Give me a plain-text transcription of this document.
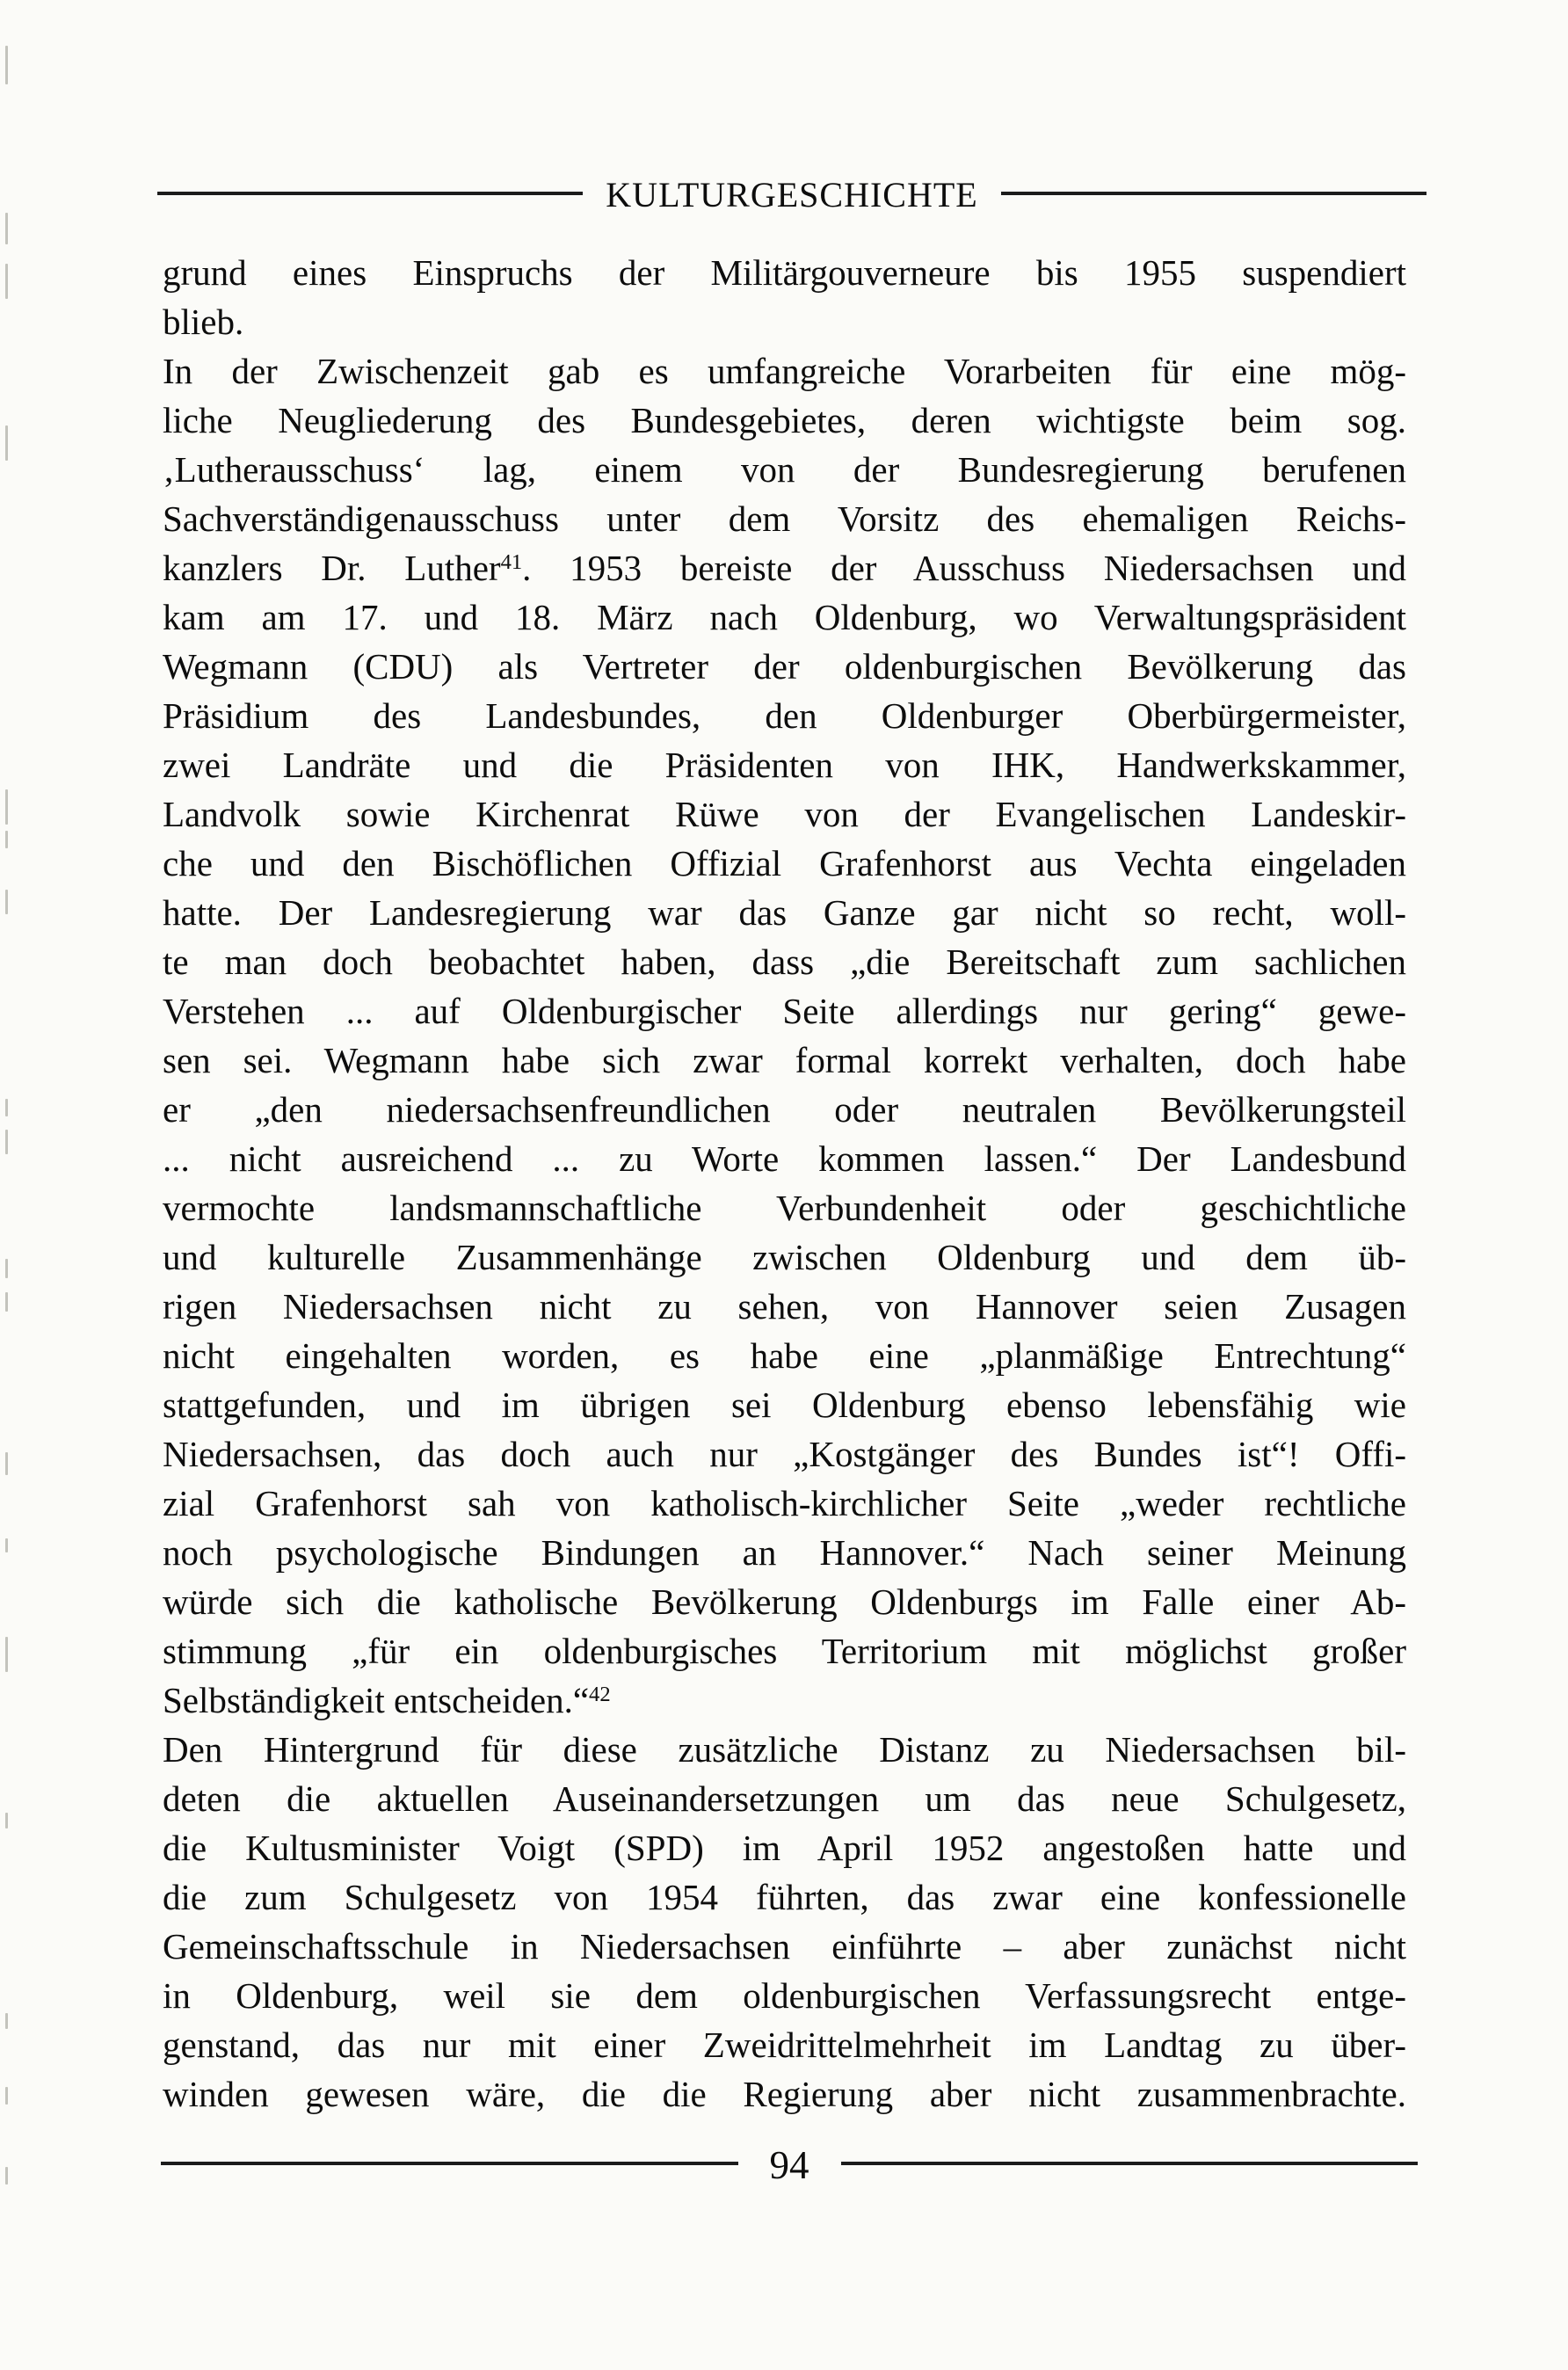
KULTURGESCHICHTE
grund eines Einspruchs der Militärgouverneure bis 1955 suspendiert
blieb.
In der Zwischenzeit gab es umfangreiche Vorarbeiten für eine mög-
liche Neugliederung des Bundesgebietes, deren wichtigste beim sog.
‚Lutherausschuss‘ lag, einem von der Bundesregierung berufenen
Sachverständigenausschuss unter dem Vorsitz des ehemaligen Reichs-
kanzlers Dr. Luther$^{41}$. 1953 bereiste der Ausschuss Niedersachsen und
kam am 17. und 18. März nach Oldenburg, wo Verwaltungspräsident
Wegmann (CDU) als Vertreter der oldenburgischen Bevölkerung das
Präsidium des Landesbundes, den Oldenburger Oberbürgermeister,
zwei Landräte und die Präsidenten von IHK, Handwerkskammer,
Landvolk sowie Kirchenrat Rüwe von der Evangelischen Landeskir-
che und den Bischöflichen Offizial Grafenhorst aus Vechta eingeladen
hatte. Der Landesregierung war das Ganze gar nicht so recht, woll-
te man doch beobachtet haben, dass „die Bereitschaft zum sachlichen
Verstehen ... auf Oldenburgischer Seite allerdings nur gering“ gewe-
sen sei. Wegmann habe sich zwar formal korrekt verhalten, doch habe
er „den niedersachsenfreundlichen oder neutralen Bevölkerungsteil
... nicht ausreichend ... zu Worte kommen lassen.“ Der Landesbund
vermochte landsmannschaftliche Verbundenheit oder geschichtliche
und kulturelle Zusammenhänge zwischen Oldenburg und dem üb-
rigen Niedersachsen nicht zu sehen, von Hannover seien Zusagen
nicht eingehalten worden, es habe eine „planmäßige Entrechtung“
stattgefunden, und im übrigen sei Oldenburg ebenso lebensfähig wie
Niedersachsen, das doch auch nur „Kostgänger des Bundes ist“! Offi-
zial Grafenhorst sah von katholisch-kirchlicher Seite „weder rechtliche
noch psychologische Bindungen an Hannover.“ Nach seiner Meinung
würde sich die katholische Bevölkerung Oldenburgs im Falle einer Ab-
stimmung „für ein oldenburgisches Territorium mit möglichst großer
Selbständigkeit entscheiden.“$^{42}$
Den Hintergrund für diese zusätzliche Distanz zu Niedersachsen bil-
deten die aktuellen Auseinandersetzungen um das neue Schulgesetz,
die Kultusminister Voigt (SPD) im April 1952 angestoßen hatte und
die zum Schulgesetz von 1954 führten, das zwar eine konfessionelle
Gemeinschaftsschule in Niedersachsen einführte – aber zunächst nicht
in Oldenburg, weil sie dem oldenburgischen Verfassungsrecht entge-
genstand, das nur mit einer Zweidrittelmehrheit im Landtag zu über-
winden gewesen wäre, die die Regierung aber nicht zusammenbrachte.
94
